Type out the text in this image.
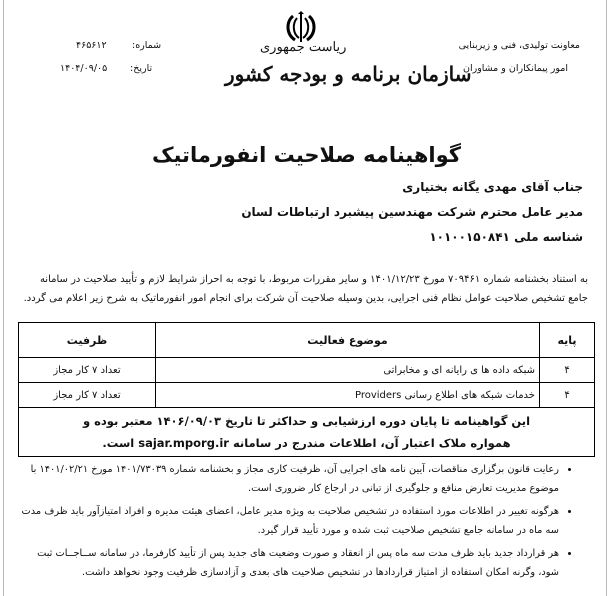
معاونت تولیدی، فنی و زیربنایی
امور پیمانکاران و مشاوران
ریاست جمهوری
سازمان برنامه و بودجه کشور
شماره:
۴۶۵۶۱۲
تاریخ:
۱۴۰۴/۰۹/۰۵
گواهینامه صلاحیت انفورماتیک
جناب آقای مهدی یگانه بختیاری
مدیر عامل محترم شرکت مهندسین پیشبرد ارتباطات لسان
شناسه ملی ۱۰۱۰۰۱۵۰۸۴۱
به استناد بخشنامه شماره ۷۰۹۴۶۱ مورخ ۱۴۰۱/۱۲/۲۳ و سایر مقررات مربوط، با توجه به احراز شرایط لازم و تأیید صلاحیت در سامانه جامع تشخیص صلاحیت عوامل نظام فنی اجرایی، بدین وسیله صلاحیت آن شرکت برای انجام امور انفورماتیک به شرح زیر اعلام می گردد.
پایه	موضوع فعالیت	ظرفیت
۴	شبکه داده ها ی رایانه ای و مخابراتی	تعداد ۷ کار مجاز
۴	خدمات شبکه های اطلاع رسانی Providers	تعداد ۷ کار مجاز

این گواهینامه تا پایان دوره ارزشیابی و حداکثر تا تاریخ ۱۴۰۶/۰۹/۰۳ معتبر بوده و
همواره ملاک اعتبار آن، اطلاعات مندرج در سامانه sajar.mporg.ir است.		
• رعایت قانون برگزاری مناقصات، آیین نامه های اجرایی آن، ظرفیت کاری مجاز و بخشنامه شماره ۱۴۰۱/۷۳۰۳۹ مورخ ۱۴۰۱/۰۲/۲۱ با موضوع مدیریت تعارض منافع و جلوگیری از تبانی در ارجاع کار ضروری است.
• هرگونه تغییر در اطلاعات مورد استفاده در تشخیص صلاحیت به ویژه مدیر عامل، اعضای هیئت مدیره و افراد امتیازآور باید ظرف مدت سه ماه در سامانه جامع تشخیص صلاحیت ثبت شده و مورد تأیید قرار گیرد.
• هر قرارداد جدید باید ظرف مدت سه ماه پس از انعقاد و صورت وضعیت های جدید پس از تأیید کارفرما، در سامانه ســاجــات ثبت شود، وگرنه امکان استفاده از امتیاز قراردادها در تشخیص صلاحیت های بعدی و آزادسازی ظرفیت وجود نخواهد داشت.
